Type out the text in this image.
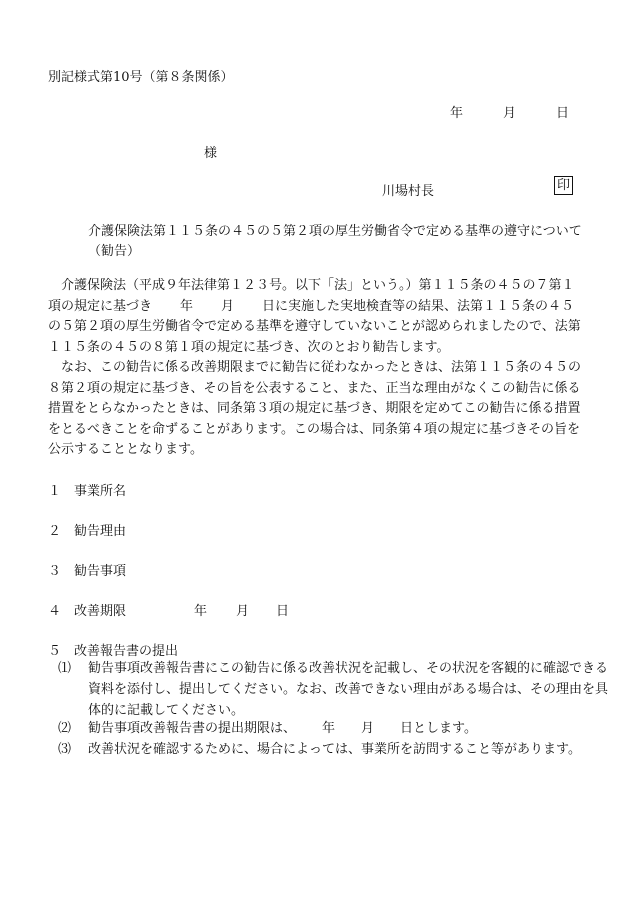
別記様式第10号（第８条関係）
年	月	日
様
川場村長	印
介護保険法第１１５条の４５の５第２項の厚生労働省令で定める基準の遵守について（勧告）
介護保険法（平成９年法律第１２３号。以下「法」という。）第１１５条の４５の７第１項の規定に基づき 年 月 日に実施した実地検査等の結果、法第１１５条の４５の５第２項の厚生労働省令で定める基準を遵守していないことが認められましたので、法第１１５条の４５の８第１項の規定に基づき、次のとおり勧告します。
なお、この勧告に係る改善期限までに勧告に従わなかったときは、法第１１５条の４５の８第２項の規定に基づき、その旨を公表すること、また、正当な理由がなくこの勧告に係る措置をとらなかったときは、同条第３項の規定に基づき、期限を定めてこの勧告に係る措置をとるべきことを命ずることがあります。この場合は、同条第４項の規定に基づきその旨を公示することとなります。
１ 事業所名
２ 勧告理由
３ 勧告事項
４ 改善期限	年 月 日
５ 改善報告書の提出
⑴ 勧告事項改善報告書にこの勧告に係る改善状況を記載し、その状況を客観的に確認できる資料を添付し、提出してください。なお、改善できない理由がある場合は、その理由を具体的に記載してください。
⑵ 勧告事項改善報告書の提出期限は、 年 月 日とします。
⑶ 改善状況を確認するために、場合によっては、事業所を訪問すること等があります。
